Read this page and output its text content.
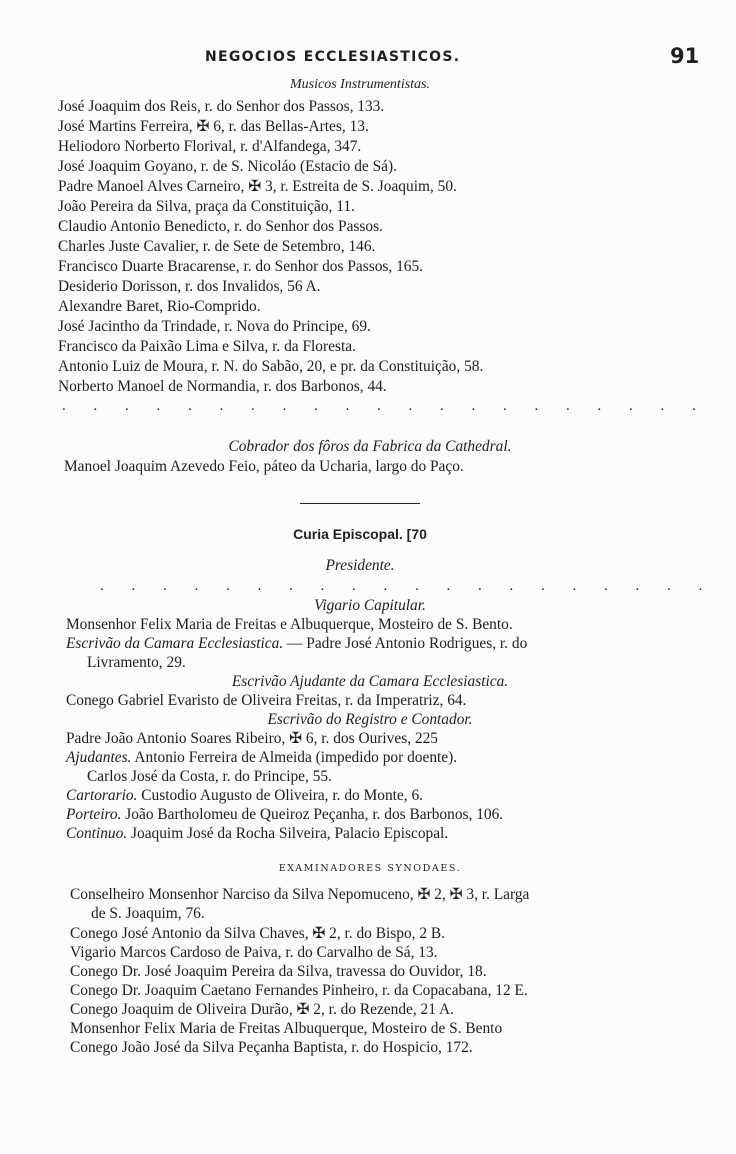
NEGOCIOS ECCLESIASTICOS.	91
Musicos Instrumentistas.
José Joaquim dos Reis, r. do Senhor dos Passos, 133.
José Martins Ferreira, ✠ 6, r. das Bellas-Artes, 13.
Heliodoro Norberto Florival, r. d'Alfandega, 347.
José Joaquim Goyano, r. de S. Nicoláo (Estacio de Sá).
Padre Manoel Alves Carneiro, ✠ 3, r. Estreita de S. Joaquim, 50.
João Pereira da Silva, praça da Constituição, 11.
Claudio Antonio Benedicto, r. do Senhor dos Passos.
Charles Juste Cavalier, r. de Sete de Setembro, 146.
Francisco Duarte Bracarense, r. do Senhor dos Passos, 165.
Desiderio Dorisson, r. dos Invalidos, 56 A.
Alexandre Baret, Rio-Comprido.
José Jacintho da Trindade, r. Nova do Principe, 69.
Francisco da Paixão Lima e Silva, r. da Floresta.
Antonio Luiz de Moura, r. N. do Sabão, 20, e pr. da Constituição, 58.
Norberto Manoel de Normandia, r. dos Barbonos, 44.
. . . . . . . . . . . . . . . . . . . . .
Cobrador dos fôros da Fabrica da Cathedral.
Manoel Joaquim Azevedo Feio, páteo da Ucharia, largo do Paço.
Curia Episcopal. [70
Presidente.
. . . . . . . . . . . . . . . . . . . .
Vigario Capitular.
Monsenhor Felix Maria de Freitas e Albuquerque, Mosteiro de S. Bento.
Escrivão da Camara Ecclesiastica. — Padre José Antonio Rodrigues, r. do
Livramento, 29.
Escrivão Ajudante da Camara Ecclesiastica.
Conego Gabriel Evaristo de Oliveira Freitas, r. da Imperatriz, 64.
Escrivão do Registro e Contador.
Padre João Antonio Soares Ribeiro, ✠ 6, r. dos Ourives, 225
Ajudantes. Antonio Ferreira de Almeida (impedido por doente).
Carlos José da Costa, r. do Principe, 55.
Cartorario. Custodio Augusto de Oliveira, r. do Monte, 6.
Porteiro. João Bartholomeu de Queiroz Peçanha, r. dos Barbonos, 106.
Continuo. Joaquim José da Rocha Silveira, Palacio Episcopal.
EXAMINADORES SYNODAES.
Conselheiro Monsenhor Narciso da Silva Nepomuceno, ✠ 2, ✠ 3, r. Larga
de S. Joaquim, 76.
Conego José Antonio da Silva Chaves, ✠ 2, r. do Bispo, 2 B.
Vigario Marcos Cardoso de Paiva, r. do Carvalho de Sá, 13.
Conego Dr. José Joaquim Pereira da Silva, travessa do Ouvidor, 18.
Conego Dr. Joaquim Caetano Fernandes Pinheiro, r. da Copacabana, 12 E.
Conego Joaquim de Oliveira Durão, ✠ 2, r. do Rezende, 21 A.
Monsenhor Felix Maria de Freitas Albuquerque, Mosteiro de S. Bento
Conego João José da Silva Peçanha Baptista, r. do Hospicio, 172.
